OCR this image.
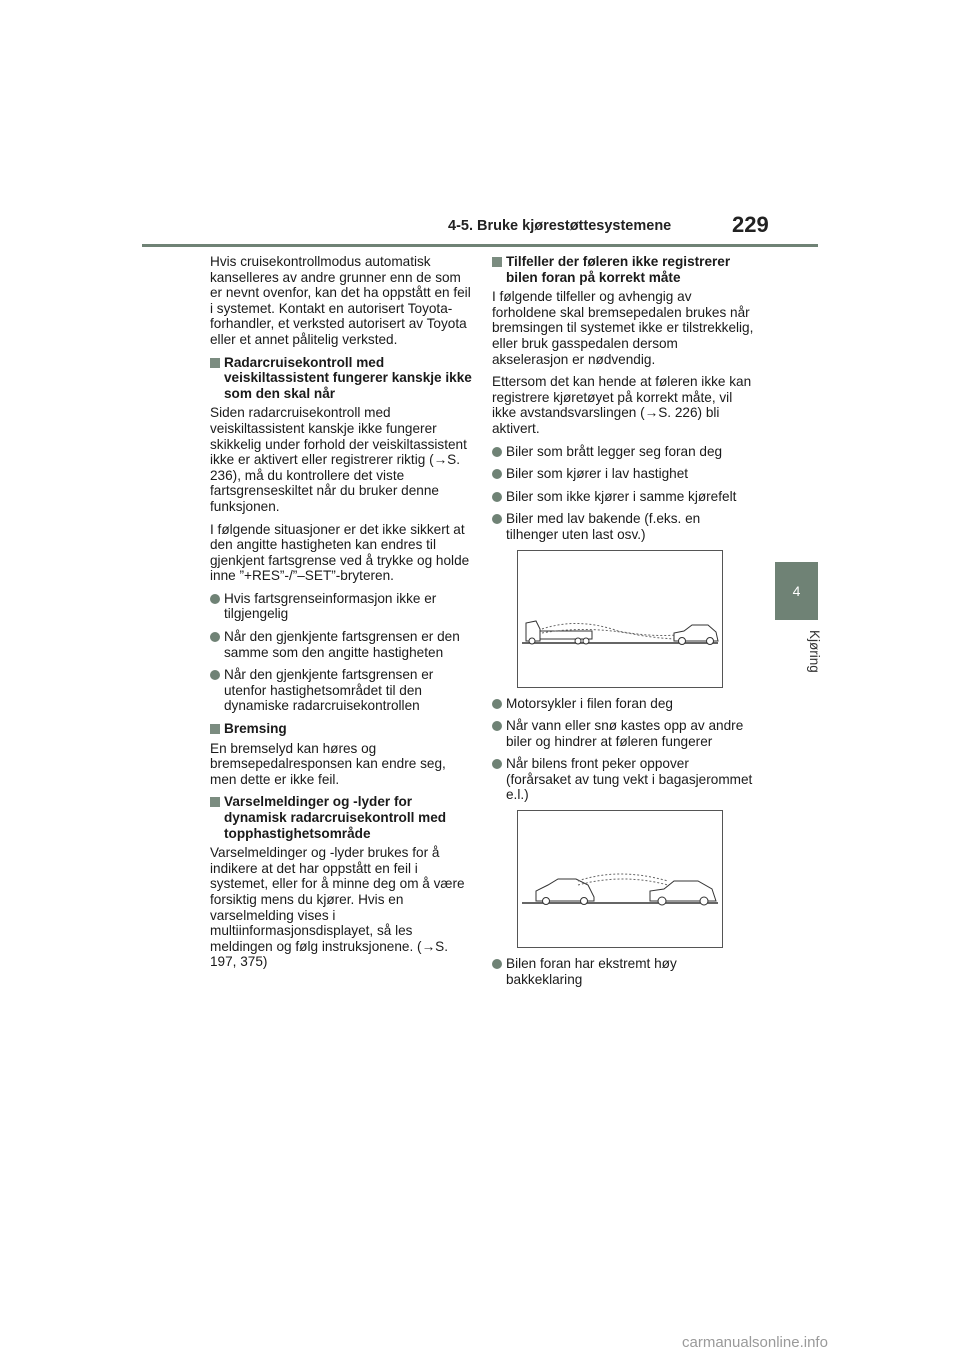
4-5. Bruke kjørestøttesystemene	229
4
Kjøring

Hvis cruisekontrollmodus automatisk kanselleres av andre grunner enn de som er nevnt ovenfor, kan det ha oppstått en feil i systemet. Kontakt en autorisert Toyota-forhandler, et verksted autorisert av Toyota eller et annet pålitelig verksted.

Radarcruisekontroll med veiskiltassistent fungerer kanskje ikke som den skal når

Siden radarcruisekontroll med veiskiltassistent kanskje ikke fungerer skikkelig under forhold der veiskiltassistent ikke er aktivert eller registrerer riktig (→S. 236), må du kontrollere det viste fartsgrenseskiltet når du bruker denne funksjonen.

I følgende situasjoner er det ikke sikkert at den angitte hastigheten kan endres til gjenkjent fartsgrense ved å trykke og holde inne ”+RES”-/”–SET”-bryteren.

Hvis fartsgrenseinformasjon ikke er tilgjengelig
Når den gjenkjente fartsgrensen er den samme som den angitte hastigheten
Når den gjenkjente fartsgrensen er utenfor hastighetsområdet til den dynamiske radarcruisekontrollen

Bremsing

En bremselyd kan høres og bremsepedalresponsen kan endre seg, men dette er ikke feil.

Varselmeldinger og -lyder for dynamisk radarcruisekontroll med topphastighetsområde

Varselmeldinger og -lyder brukes for å indikere at det har oppstått en feil i systemet, eller for å minne deg om å være forsiktig mens du kjører. Hvis en varselmelding vises i multiinformasjonsdisplayet, så les meldingen og følg instruksjonene. (→S. 197, 375)

Tilfeller der føleren ikke registrerer bilen foran på korrekt måte

I følgende tilfeller og avhengig av forholdene skal bremsepedalen brukes når bremsingen til systemet ikke er tilstrekkelig, eller bruk gasspedalen dersom akselerasjon er nødvendig.

Ettersom det kan hende at føleren ikke kan registrere kjøretøyet på korrekt måte, vil ikke avstandsvarslingen (→S. 226) bli aktivert.

Biler som brått legger seg foran deg
Biler som kjører i lav hastighet
Biler som ikke kjører i samme kjørefelt
Biler med lav bakende (f.eks. en tilhenger uten last osv.)
Motorsykler i filen foran deg
Når vann eller snø kastes opp av andre biler og hindrer at føleren fungerer
Når bilens front peker oppover (forårsaket av tung vekt i bagasjerommet e.l.)
Bilen foran har ekstremt høy bakkeklaring
carmanualsonline.info
